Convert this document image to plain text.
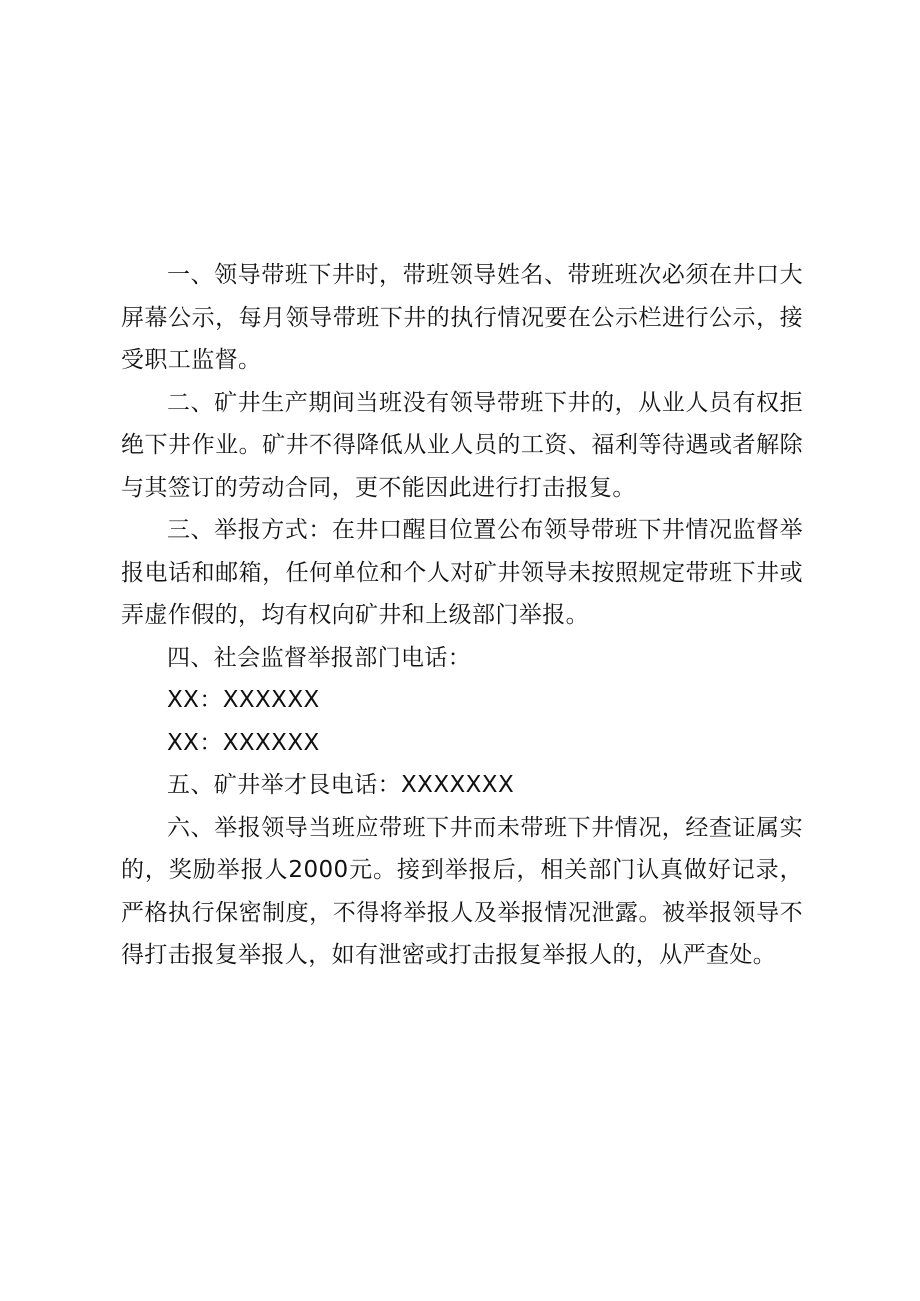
一、领导带班下井时，带班领导姓名、带班班次必须在井口大屏幕公示，每月领导带班下井的执行情况要在公示栏进行公示，接受职工监督。

二、矿井生产期间当班没有领导带班下井的，从业人员有权拒绝下井作业。矿井不得降低从业人员的工资、福利等待遇或者解除与其签订的劳动合同，更不能因此进行打击报复。

三、举报方式：在井口醒目位置公布领导带班下井情况监督举报电话和邮箱，任何单位和个人对矿井领导未按照规定带班下井或弄虚作假的，均有权向矿井和上级部门举报。

四、社会监督举报部门电话：

XX：XXXXXX

XX：XXXXXX

五、矿井举才艮电话：XXXXXXX

六、举报领导当班应带班下井而未带班下井情况，经查证属实的，奖励举报人2000元。接到举报后，相关部门认真做好记录，严格执行保密制度，不得将举报人及举报情况泄露。被举报领导不得打击报复举报人，如有泄密或打击报复举报人的，从严查处。
